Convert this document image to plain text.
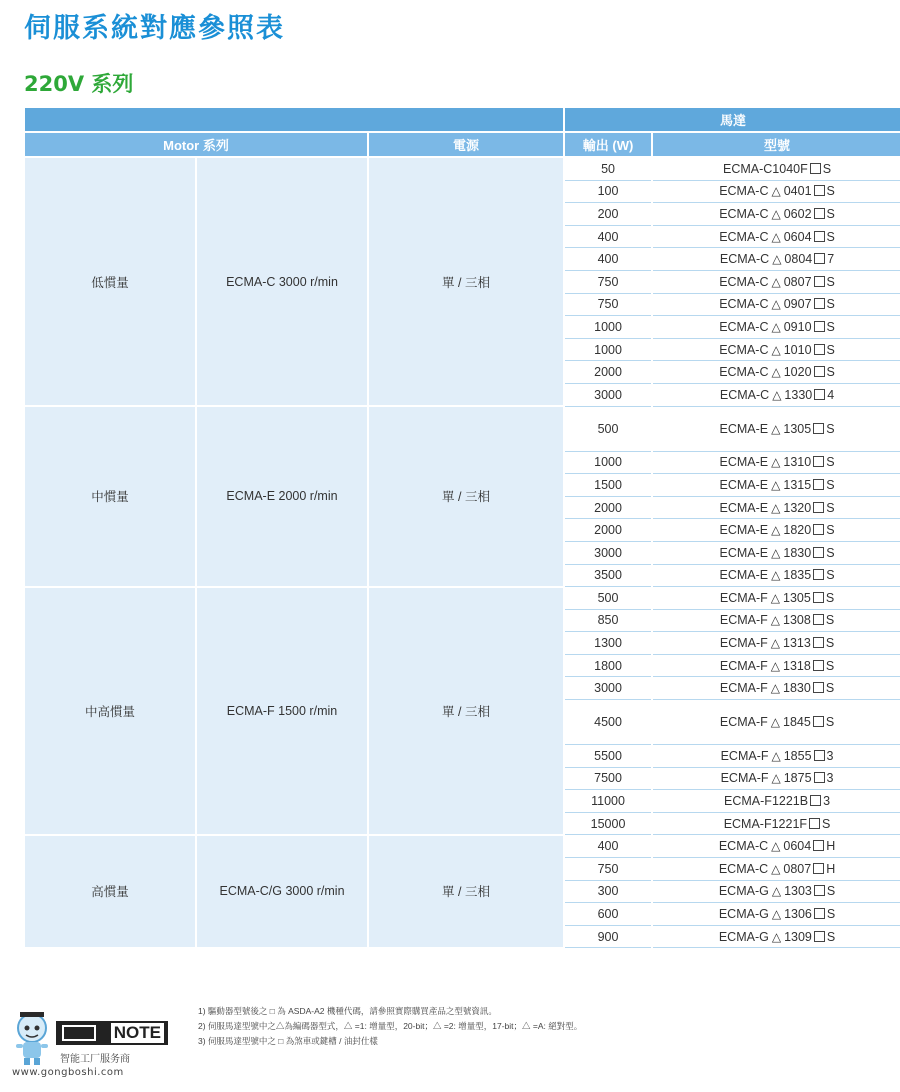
伺服系統對應參照表
220V 系列
			馬達	
Motor 系列		電源	輸出 (W)	型號
低慣量	ECMA-C 3000 r/min	單 / 三相	50	ECMA-C1040F S
			100	ECMA-C △ 0401 S
			200	ECMA-C △ 0602 S
			400	ECMA-C △ 0604 S
			400	ECMA-C △ 0804 7
			750	ECMA-C △ 0807 S
			750	ECMA-C △ 0907 S
			1000	ECMA-C △ 0910 S
			1000	ECMA-C △ 1010 S
			2000	ECMA-C △ 1020 S
			3000	ECMA-C △ 1330 4
中慣量	ECMA-E 2000 r/min	單 / 三相	500	ECMA-E △ 1305 S
			1000	ECMA-E △ 1310 S
			1500	ECMA-E △ 1315 S
			2000	ECMA-E △ 1320 S
			2000	ECMA-E △ 1820 S
			3000	ECMA-E △ 1830 S
			3500	ECMA-E △ 1835 S
中高慣量	ECMA-F 1500 r/min	單 / 三相	500	ECMA-F △ 1305 S
			850	ECMA-F △ 1308 S
			1300	ECMA-F △ 1313 S
			1800	ECMA-F △ 1318 S
			3000	ECMA-F △ 1830 S
			4500	ECMA-F △ 1845 S
			5500	ECMA-F △ 1855 3
			7500	ECMA-F △ 1875 3
			11000	ECMA-F1221B 3
			15000	ECMA-F1221F S
高慣量	ECMA-C/G 3000 r/min	單 / 三相	400	ECMA-C △ 0604 H
			750	ECMA-C △ 0807 H
			300	ECMA-G △ 1303 S
			600	ECMA-G △ 1306 S
			900	ECMA-G △ 1309 S
NOTE
智能工厂服务商
www.gongboshi.com
1) 驅動器型號後之 □ 為 ASDA-A2 機種代碼，請參照實際購買產品之型號資訊。
2) 伺服馬達型號中之△為編碼器型式，△ =1: 增量型，20-bit；△ =2: 增量型，17-bit；△ =A: 絕對型。
3) 伺服馬達型號中之 □ 為煞車或鍵槽 / 油封仕樣
